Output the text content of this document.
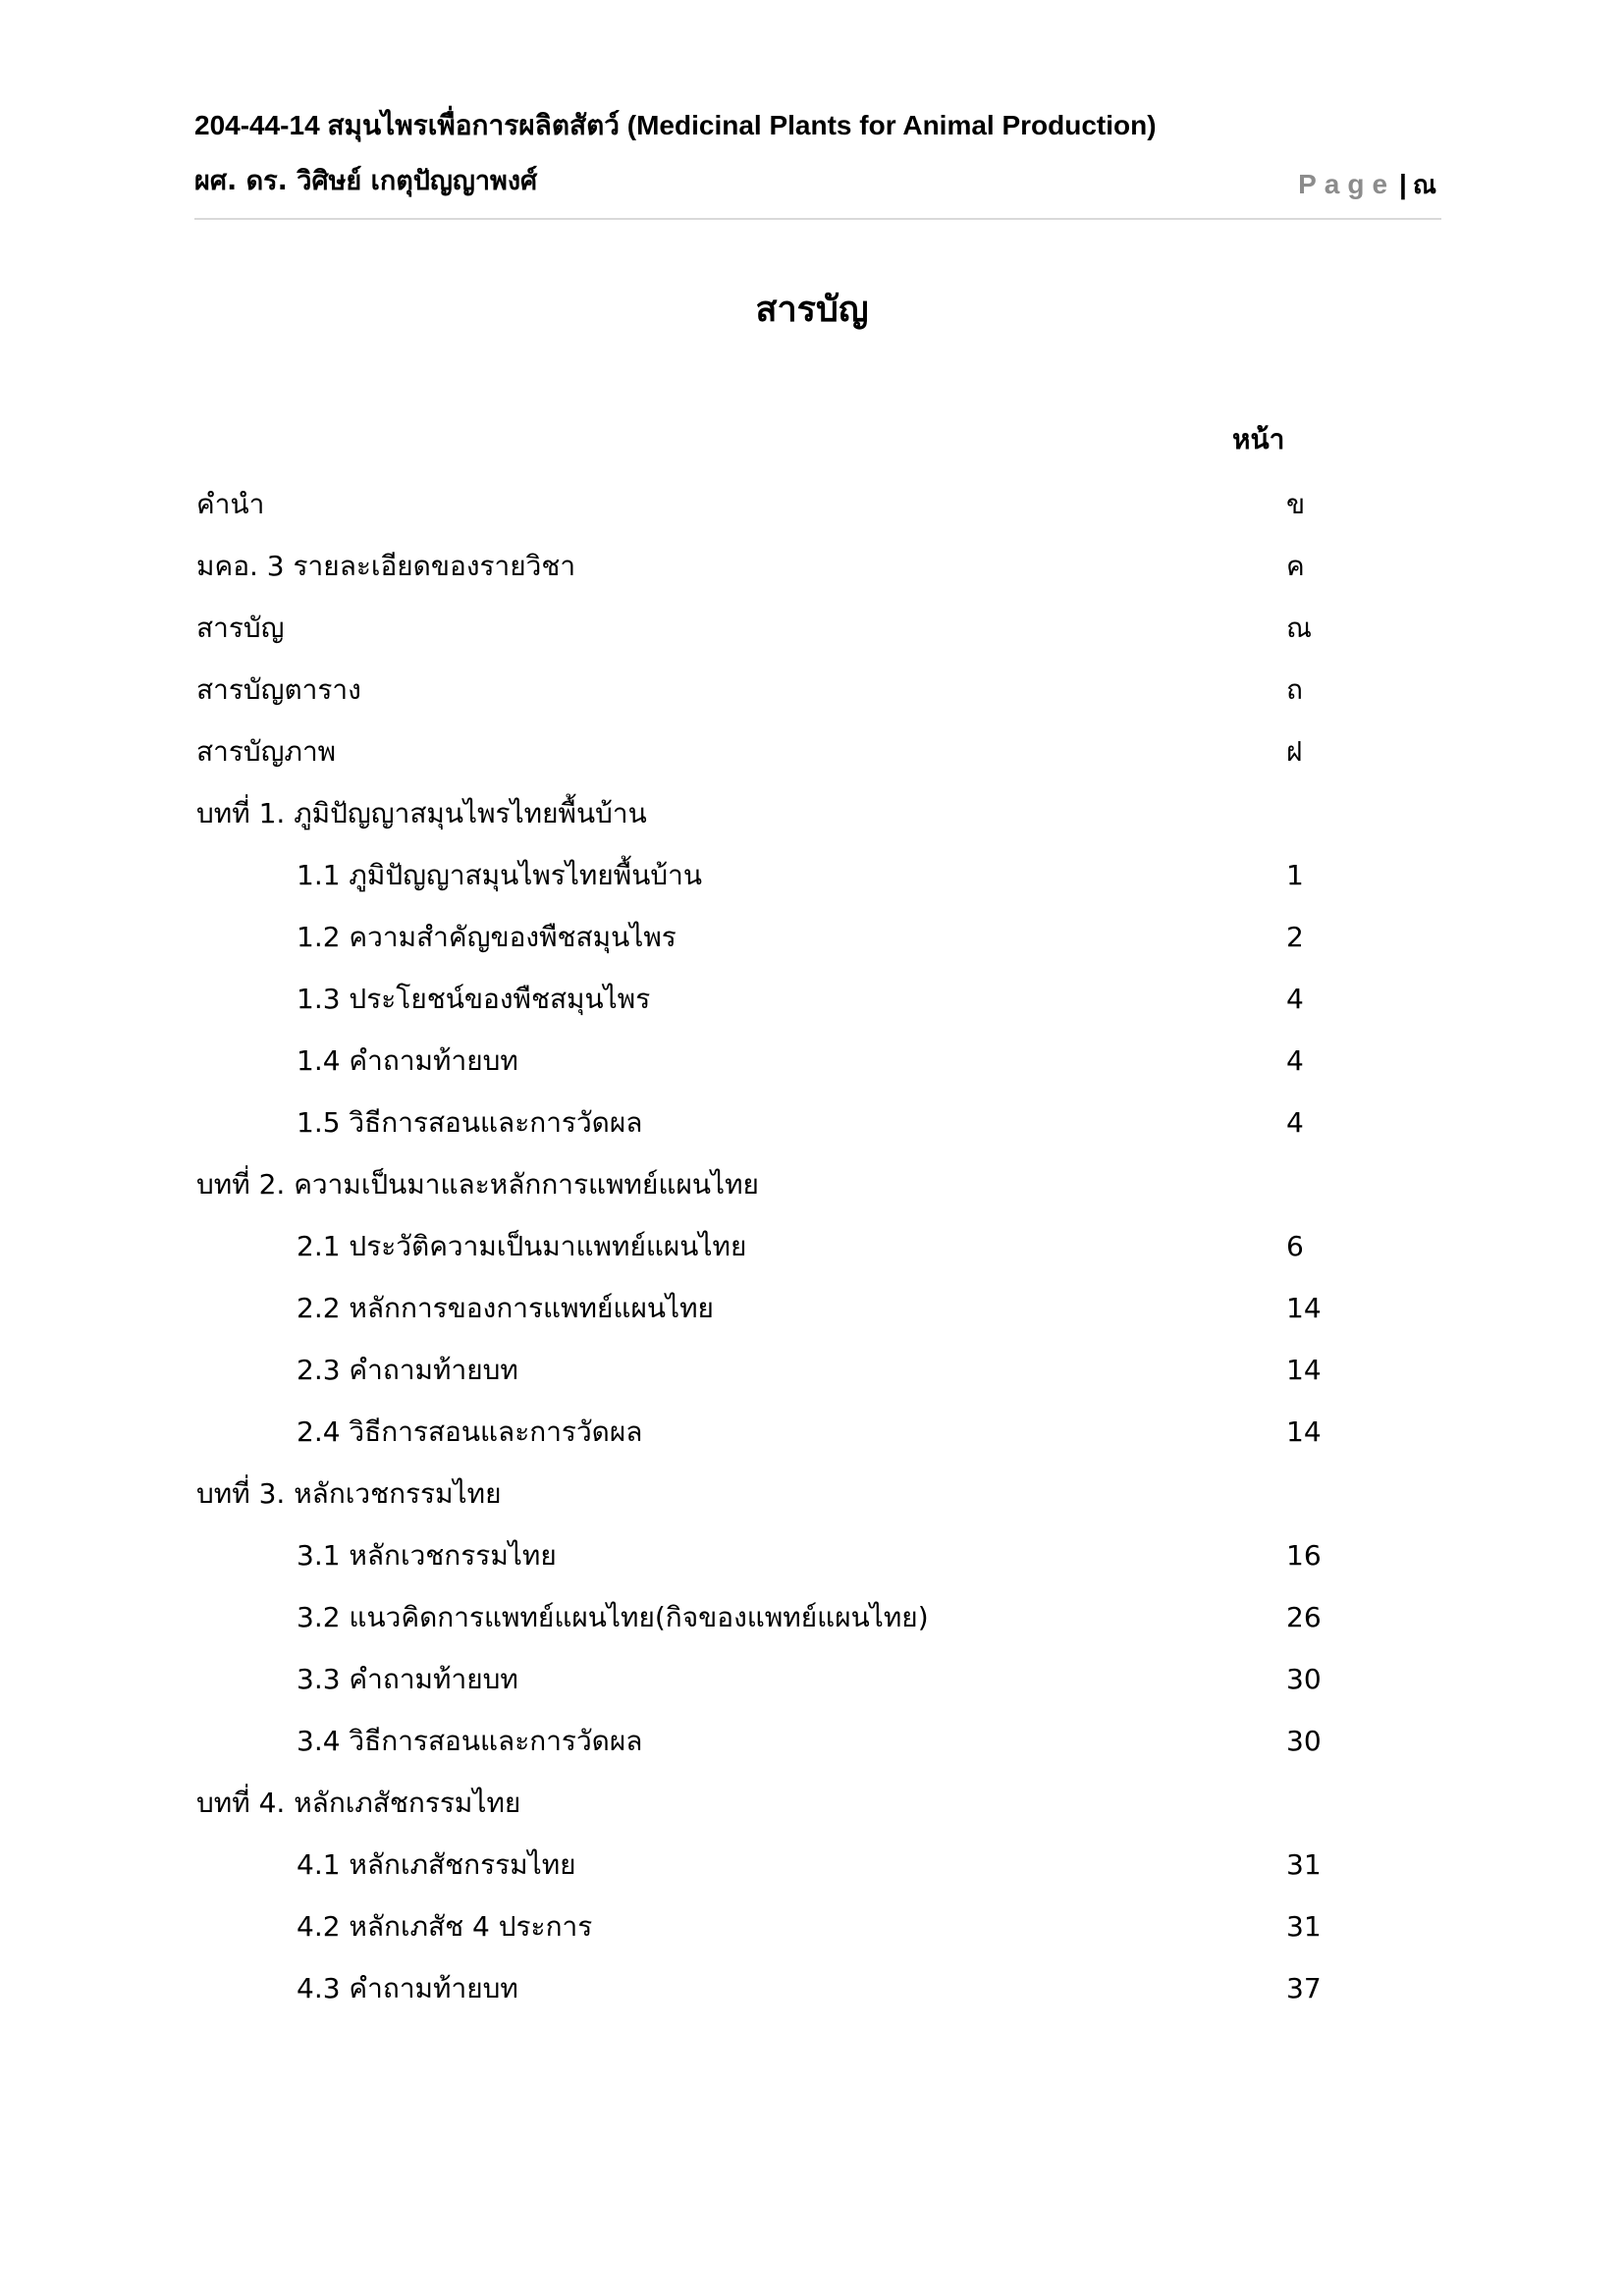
204-44-14 สมุนไพรเพื่อการผลิตสัตว์ (Medicinal Plants for Animal Production)
ผศ. ดร. วิศิษย์ เกตุปัญญาพงศ์	Page | ณ
สารบัญ
หน้า
คำนำ	ข
มคอ. 3 รายละเอียดของรายวิชา	ค
สารบัญ	ณ
สารบัญตาราง	ถ
สารบัญภาพ	ฝ
บทที่ 1. ภูมิปัญญาสมุนไพรไทยพื้นบ้าน
1.1 ภูมิปัญญาสมุนไพรไทยพื้นบ้าน	1
1.2 ความสำคัญของพืชสมุนไพร	2
1.3 ประโยชน์ของพืชสมุนไพร	4
1.4 คำถามท้ายบท	4
1.5 วิธีการสอนและการวัดผล	4
บทที่ 2. ความเป็นมาและหลักการแพทย์แผนไทย
2.1 ประวัติความเป็นมาแพทย์แผนไทย	6
2.2 หลักการของการแพทย์แผนไทย	14
2.3 คำถามท้ายบท	14
2.4 วิธีการสอนและการวัดผล	14
บทที่ 3. หลักเวชกรรมไทย
3.1 หลักเวชกรรมไทย	16
3.2 แนวคิดการแพทย์แผนไทย(กิจของแพทย์แผนไทย)	26
3.3 คำถามท้ายบท	30
3.4 วิธีการสอนและการวัดผล	30
บทที่ 4. หลักเภสัชกรรมไทย
4.1 หลักเภสัชกรรมไทย	31
4.2 หลักเภสัช 4 ประการ	31
4.3 คำถามท้ายบท	37
